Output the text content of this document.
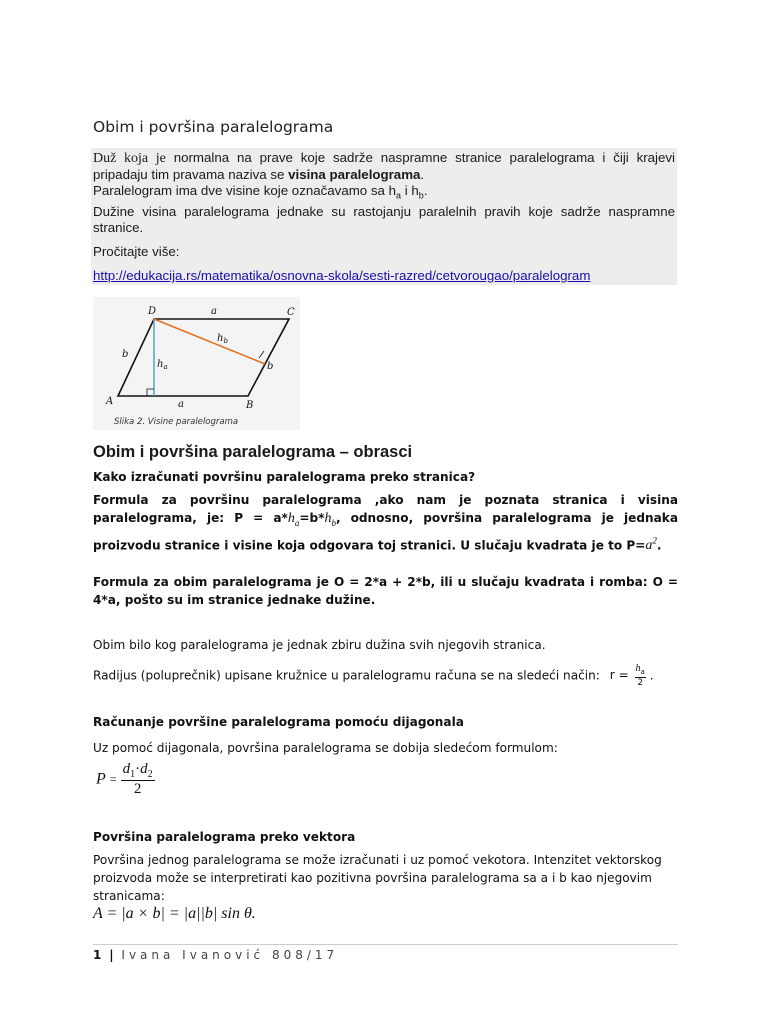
Obim i površina paralelograma

Duž koja je normalna na prave koje sadrže naspramne stranice paralelograma i čiji krajevi pripadaju tim pravama naziva se visina paralelograma.

Paralelogram ima dve visine koje označavamo sa $h_a$ i $h_b$.

Dužine visina paralelograma jednake su rastojanju paralelnih pravih koje sadrže naspramne stranice.

Pročitajte više:

http://edukacija.rs/matematika/osnovna-skola/sesti-razred/cetvorougao/paralelogram
D	C
A	B
a
a
b
b
$h_a$
$h_b$
Slika 2. Visine paralelograma
Obim i površina paralelograma – obrasci
Kako izračunati površinu paralelograma preko stranica?
Formula za površinu paralelograma ,ako nam je poznata stranica i visina paralelograma, je: $P = a*h_a=b*h_b$, odnosno, površina paralelograma je jednaka proizvodu stranice i visine koja odgovara toj stranici. U slučaju kvadrata je to $P=a^2$.
Formula za obim paralelograma je O = 2*a + 2*b, ili u slučaju kvadrata i romba: O = 4*a, pošto su im stranice jednake dužine.
Obim bilo kog paralelograma je jednak zbiru dužina svih njegovih stranica.
Radijus (poluprečnik) upisane kružnice u paralelogramu računa se na sledeći način: $r = \frac{h_a}{2}$ .
Računanje površine paralelograma pomoću dijagonala
Uz pomoć dijagonala, površina paralelograma se dobija sledećom formulom:
$P = \frac{d_1\cdot d_2}{2}$
Površina paralelograma preko vektora
Površina jednog paralelograma se može izračunati i uz pomoć vekotora. Intenzitet vektorskog proizvoda može se interpretirati kao pozitivna površina paralelograma sa a i b kao njegovim stranicama:
A = |a × b| = |a||b| sin θ.
1 | Ivana Ivanović 808/17
